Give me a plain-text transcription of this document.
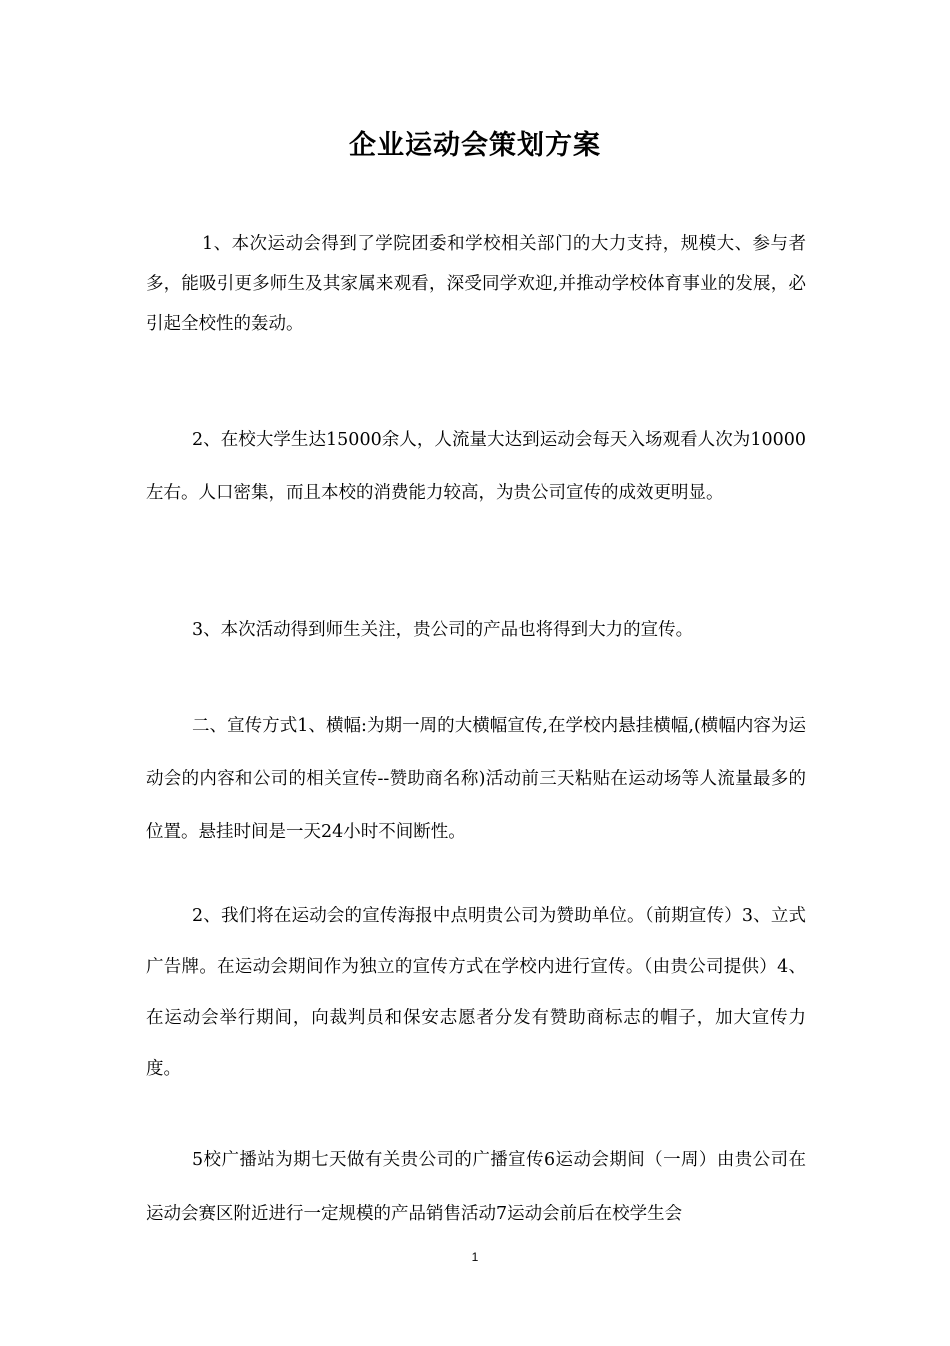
企业运动会策划方案

1、本次运动会得到了学院团委和学校相关部门的大力支持，规模大、参与者多，能吸引更多师生及其家属来观看，深受同学欢迎,并推动学校体育事业的发展，必引起全校性的轰动。

2、在校大学生达15000余人，人流量大达到运动会每天入场观看人次为10000左右。人口密集，而且本校的消费能力较高，为贵公司宣传的成效更明显。

3、本次活动得到师生关注，贵公司的产品也将得到大力的宣传。

二、宣传方式1、横幅:为期一周的大横幅宣传,在学校内悬挂横幅,(横幅内容为运动会的内容和公司的相关宣传--赞助商名称)活动前三天粘贴在运动场等人流量最多的位置。悬挂时间是一天24小时不间断性。

2、我们将在运动会的宣传海报中点明贵公司为赞助单位。（前期宣传）3、立式广告牌。在运动会期间作为独立的宣传方式在学校内进行宣传。（由贵公司提供）4、在运动会举行期间，向裁判员和保安志愿者分发有赞助商标志的帽子，加大宣传力度。

5校广播站为期七天做有关贵公司的广播宣传6运动会期间（一周）由贵公司在运动会赛区附近进行一定规模的产品销售活动7运动会前后在校学生会

1
